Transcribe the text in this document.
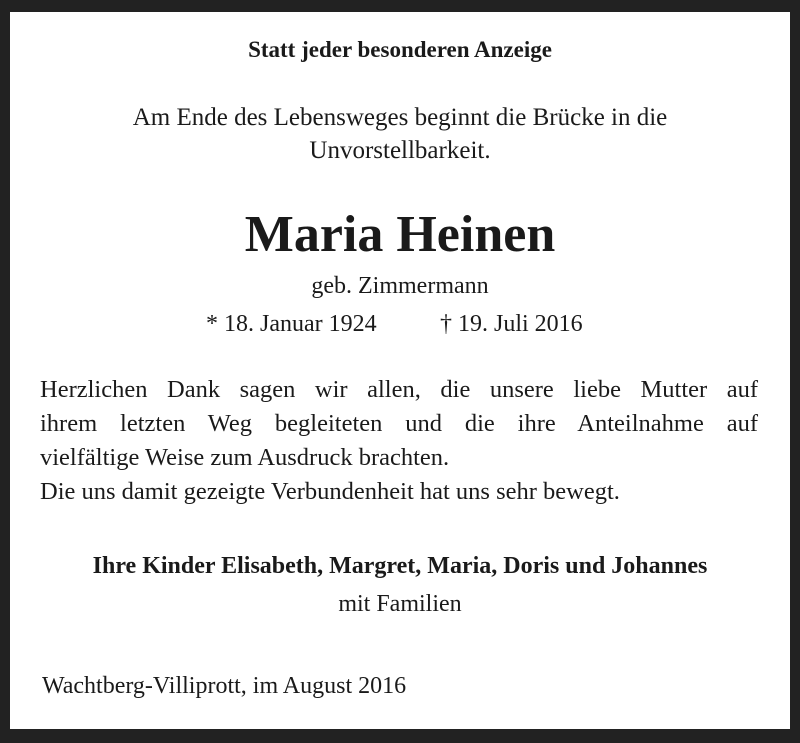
Statt jeder besonderen Anzeige
Am Ende des Lebensweges beginnt die Brücke in die
Unvorstellbarkeit.
Maria Heinen
geb. Zimmermann
* 18. Januar 1924	† 19. Juli 2016
Herzlichen Dank sagen wir allen, die unsere liebe Mutter auf
ihrem letzten Weg begleiteten und die ihre Anteilnahme auf
vielfältige Weise zum Ausdruck brachten.
Die uns damit gezeigte Verbundenheit hat uns sehr bewegt.
Ihre Kinder Elisabeth, Margret, Maria, Doris und Johannes
mit Familien
Wachtberg-Villiprott, im August 2016
